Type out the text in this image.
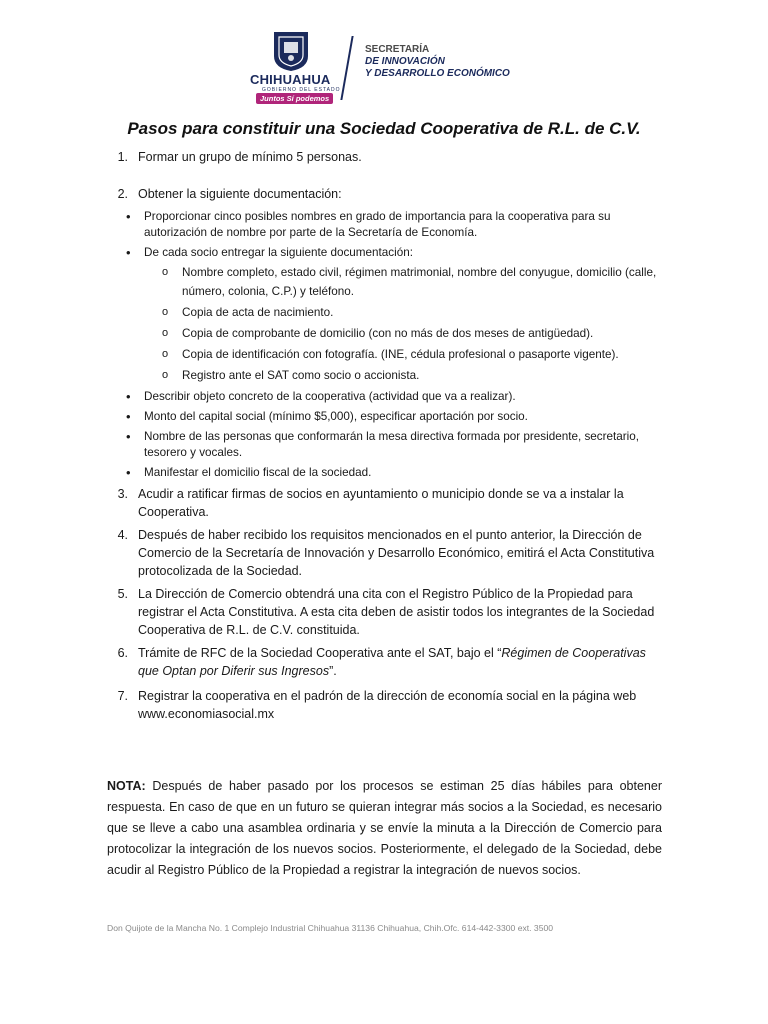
CHIHUAHUA
GOBIERNO DEL ESTADO
Juntos Sí podemos
SECRETARÍA
DE INNOVACIÓN
Y DESARROLLO ECONÓMICO
Pasos para constituir una Sociedad Cooperativa de R.L. de C.V.
1. Formar un grupo de mínimo 5 personas.
2. Obtener la siguiente documentación:
• Proporcionar cinco posibles nombres en grado de importancia para la cooperativa para su autorización de nombre por parte de la Secretaría de Economía.
• De cada socio entregar la siguiente documentación:
o Nombre completo, estado civil, régimen matrimonial, nombre del conyugue, domicilio (calle, número, colonia, C.P.) y teléfono.
o Copia de acta de nacimiento.
o Copia de comprobante de domicilio (con no más de dos meses de antigüedad).
o Copia de identificación con fotografía. (INE, cédula profesional o pasaporte vigente).
o Registro ante el SAT como socio o accionista.
• Describir objeto concreto de la cooperativa (actividad que va a realizar).
• Monto del capital social (mínimo $5,000), especificar aportación por socio.
• Nombre de las personas que conformarán la mesa directiva formada por presidente, secretario, tesorero y vocales.
• Manifestar el domicilio fiscal de la sociedad.
3. Acudir a ratificar firmas de socios en ayuntamiento o municipio donde se va a instalar la Cooperativa.
4. Después de haber recibido los requisitos mencionados en el punto anterior, la Dirección de Comercio de la Secretaría de Innovación y Desarrollo Económico, emitirá el Acta Constitutiva protocolizada de la Sociedad.
5. La Dirección de Comercio obtendrá una cita con el Registro Público de la Propiedad para registrar el Acta Constitutiva. A esta cita deben de asistir todos los integrantes de la Sociedad Cooperativa de R.L. de C.V. constituida.
6. Trámite de RFC de la Sociedad Cooperativa ante el SAT, bajo el “Régimen de Cooperativas que Optan por Diferir sus Ingresos”.
7. Registrar la cooperativa en el padrón de la dirección de economía social en la página web www.economiasocial.mx
NOTA: Después de haber pasado por los procesos se estiman 25 días hábiles para obtener respuesta. En caso de que en un futuro se quieran integrar más socios a la Sociedad, es necesario que se lleve a cabo una asamblea ordinaria y se envíe la minuta a la Dirección de Comercio para protocolizar la integración de los nuevos socios. Posteriormente, el delegado de la Sociedad, debe acudir al Registro Público de la Propiedad a registrar la integración de nuevos socios.
Don Quijote de la Mancha No. 1 Complejo Industrial Chihuahua 31136 Chihuahua, Chih.Ofc. 614-442-3300 ext. 3500
